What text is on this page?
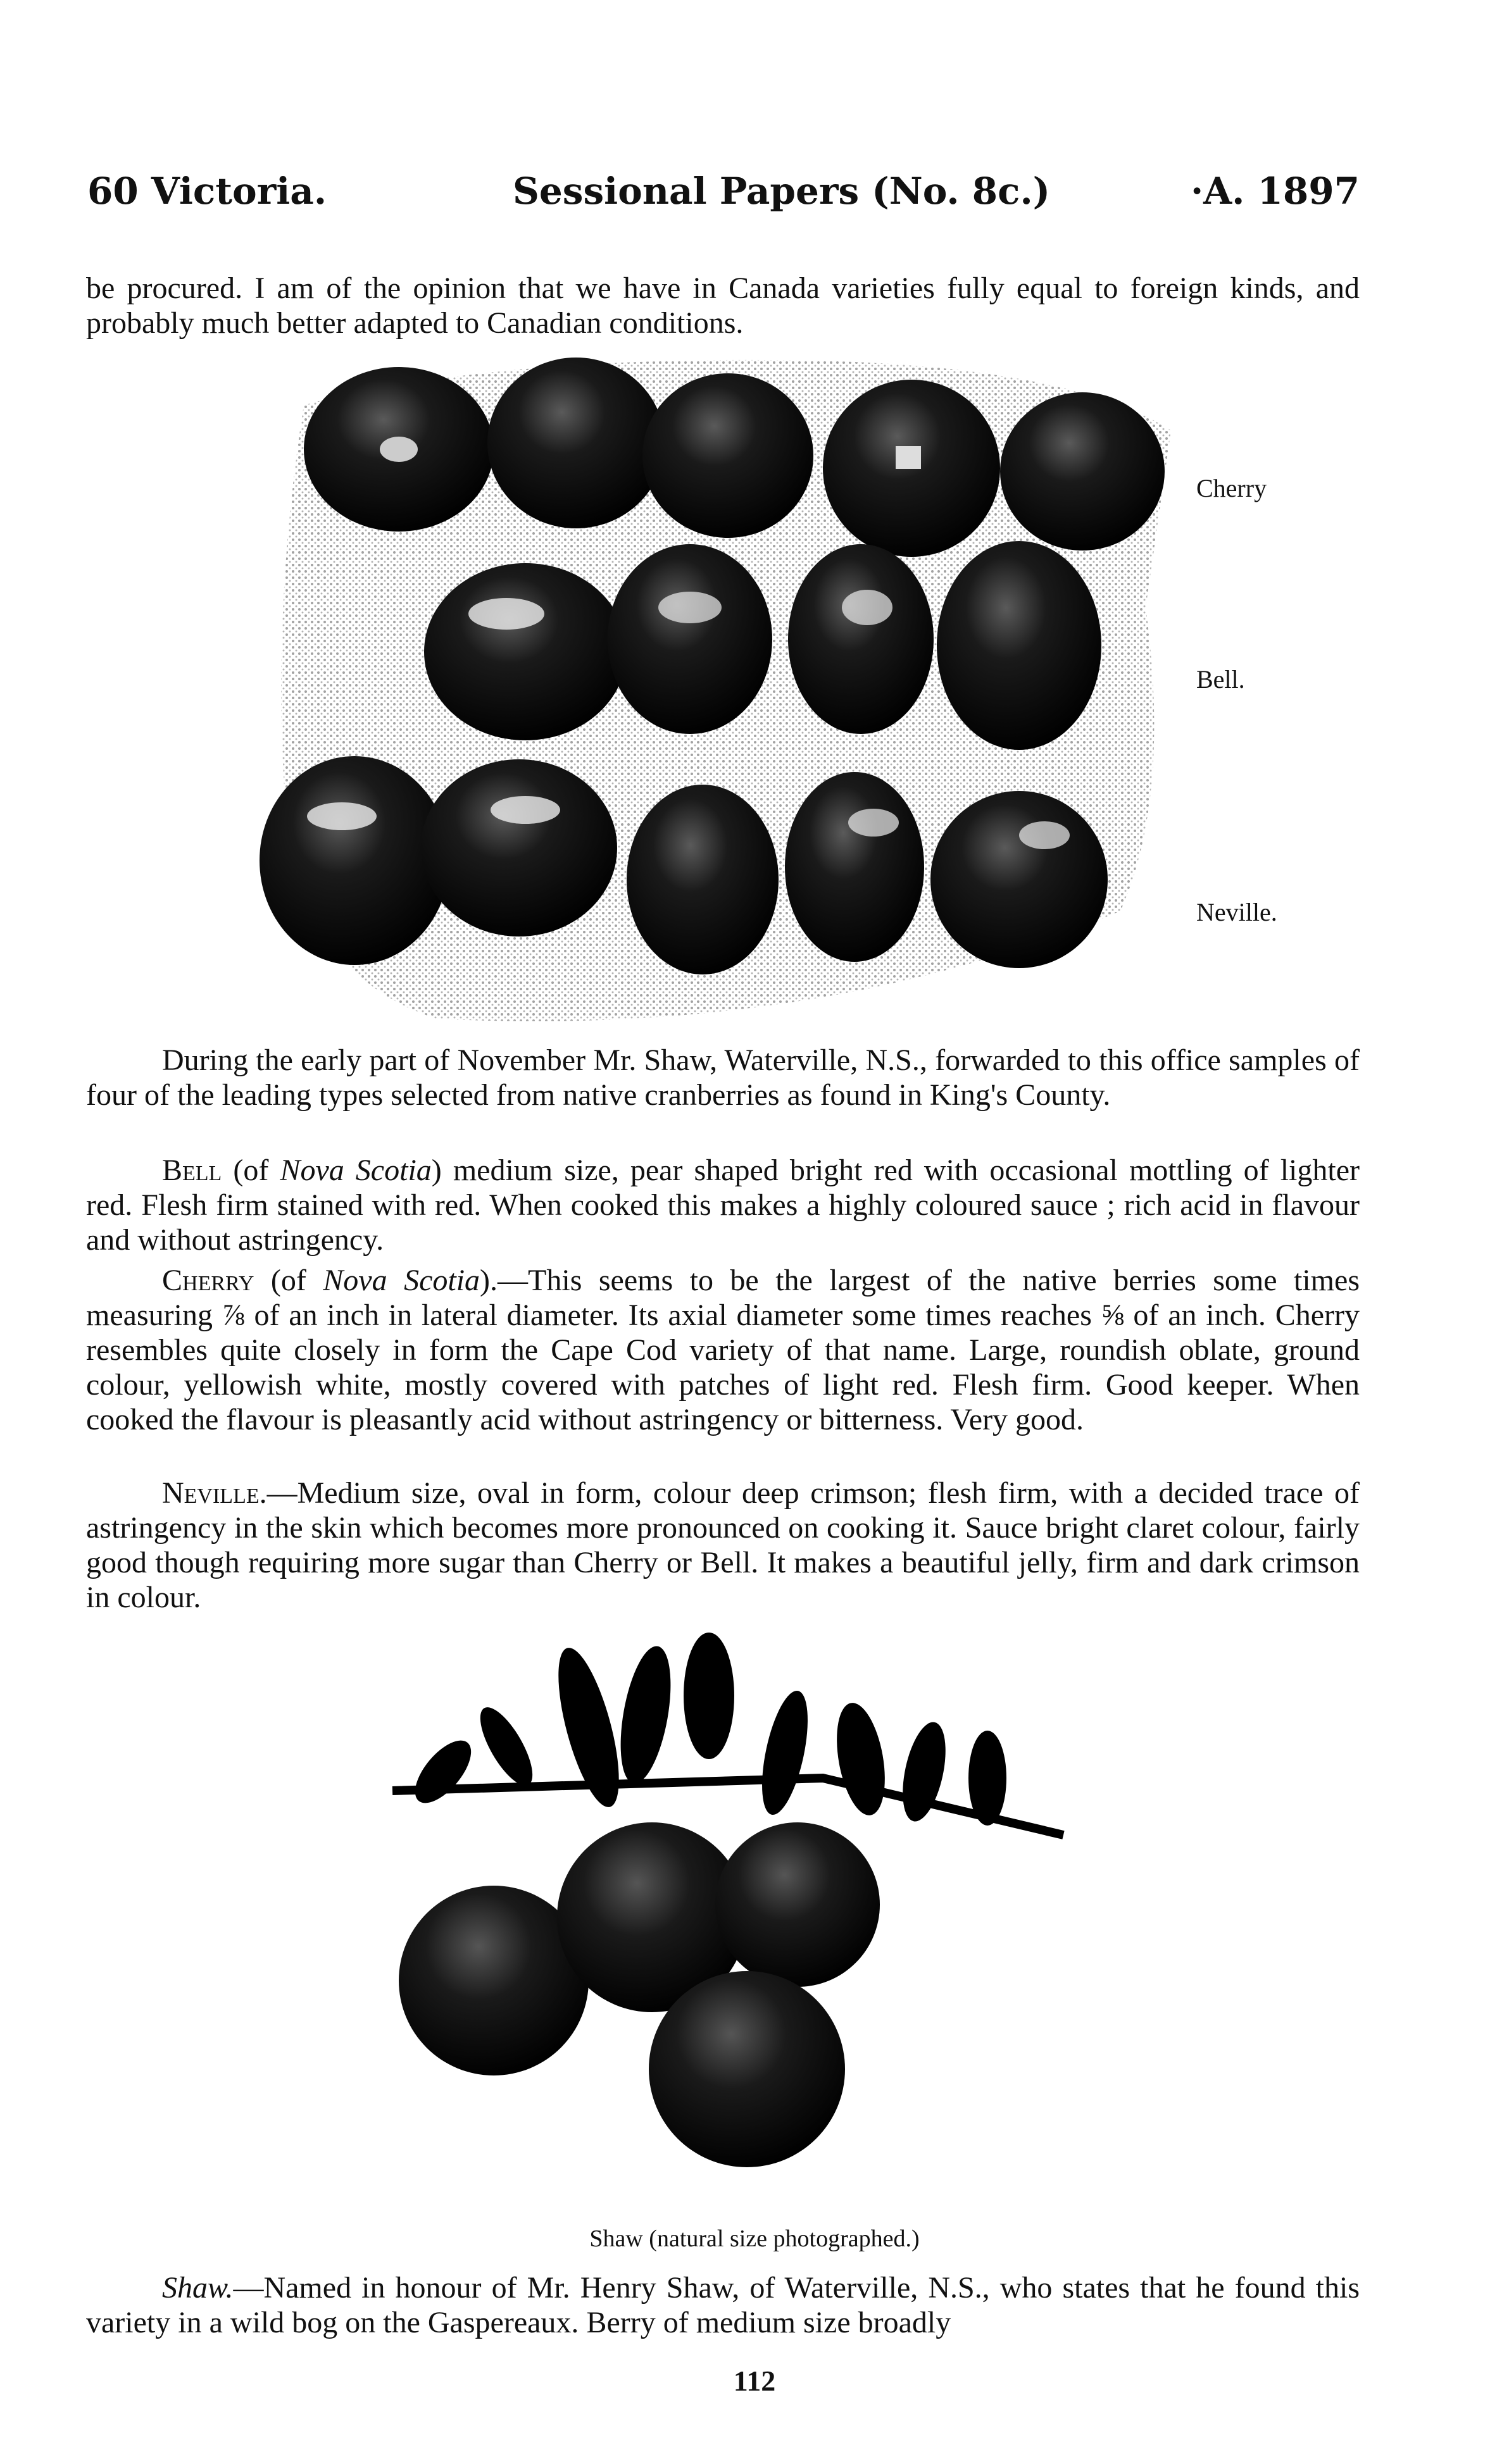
60 Victoria.	Sessional Papers (No. 8c.)	·A. 1897

be procured. I am of the opinion that we have in Canada varieties fully equal to foreign kinds, and probably much better adapted to Canadian conditions.

Cherry
Bell.
Neville.

During the early part of November Mr. Shaw, Waterville, N.S., forwarded to this office samples of four of the leading types selected from native cranberries as found in King's County.

Bell (of Nova Scotia) medium size, pear shaped bright red with occasional mottling of lighter red. Flesh firm stained with red. When cooked this makes a highly coloured sauce ; rich acid in flavour and without astringency.

Cherry (of Nova Scotia).—This seems to be the largest of the native berries some times measuring ⅞ of an inch in lateral diameter. Its axial diameter some times reaches ⅝ of an inch. Cherry resembles quite closely in form the Cape Cod variety of that name. Large, roundish oblate, ground colour, yellowish white, mostly covered with patches of light red. Flesh firm. Good keeper. When cooked the flavour is pleasantly acid without astringency or bitterness. Very good.

Neville.—Medium size, oval in form, colour deep crimson; flesh firm, with a decided trace of astringency in the skin which becomes more pronounced on cooking it. Sauce bright claret colour, fairly good though requiring more sugar than Cherry or Bell. It makes a beautiful jelly, firm and dark crimson in colour.

Shaw (natural size photographed.)

Shaw.—Named in honour of Mr. Henry Shaw, of Waterville, N.S., who states that he found this variety in a wild bog on the Gaspereaux. Berry of medium size broadly

112
